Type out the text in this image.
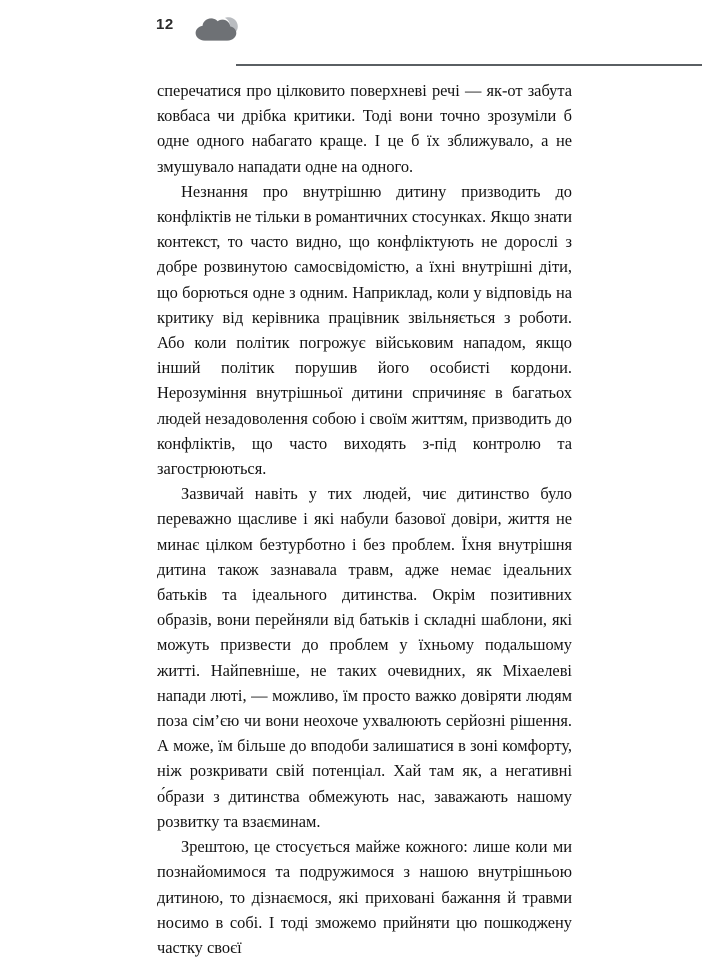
12

сперечатися про цілковито поверхневі речі — як-от забута ковбаса чи дрібка критики. Тоді вони точно зрозуміли б одне одного набагато краще. І це б їх зближувало, а не змушувало нападати одне на одного.

Незнання про внутрішню дитину призводить до конфліктів не тільки в романтичних стосунках. Якщо знати контекст, то часто видно, що конфліктують не дорослі з добре розвинутою самосвідомістю, а їхні внутрішні діти, що борються одне з одним. Наприклад, коли у відповідь на критику від керівника працівник звільняється з роботи. Або коли політик погрожує військовим нападом, якщо інший політик порушив його особисті кордони. Нерозуміння внутрішньої дитини спричиняє в багатьох людей незадоволення собою і своїм життям, призводить до конфліктів, що часто виходять з-під контролю та загострюються.

Зазвичай навіть у тих людей, чиє дитинство було переважно щасливе і які набули базової довіри, життя не минає цілком безтурботно і без проблем. Їхня внутрішня дитина також зазнавала травм, адже немає ідеальних батьків та ідеального дитинства. Окрім позитивних образів, вони перейняли від батьків і складні шаблони, які можуть призвести до проблем у їхньому подальшому житті. Найпевніше, не таких очевидних, як Міхаелеві напади люті, — можливо, їм просто важко довіряти людям поза сім’єю чи вони неохоче ухвалюють серйозні рішення. А може, їм більше до вподоби залишатися в зоні комфорту, ніж розкривати свій потенціал. Хай там як, а негативні о́брази з дитинства обмежують нас, заважають нашому розвитку та взаєминам.

Зрештою, це стосується майже кожного: лише коли ми познайомимося та подружимося з нашою внутрішньою дитиною, то дізнаємося, які приховані бажання й травми носимо в собі. І тоді зможемо прийняти цю пошкоджену частку своєї
